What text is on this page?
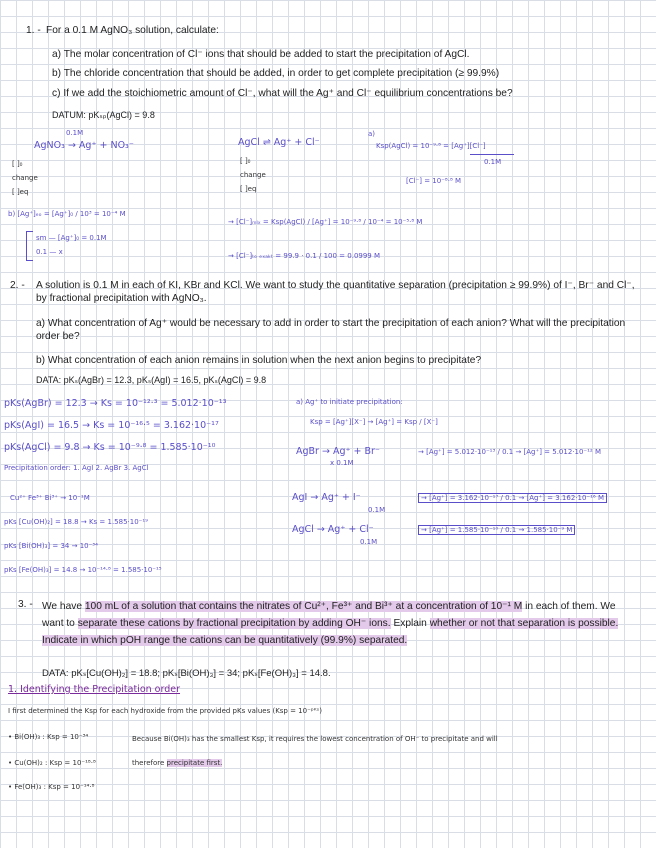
1. - For a 0.1 M AgNO₃ solution, calculate:
a) The molar concentration of Cl⁻ ions that should be added to start the precipitation of AgCl.
b) The chloride concentration that should be added, in order to get complete precipitation (≥ 99.9%)
c) If we add the stoichiometric amount of Cl⁻, what will the Ag⁺ and Cl⁻ equilibrium concentrations be?
DATUM: pKₛₚ(AgCl) = 9.8
0.1M
AgNO₃ → Ag⁺ + NO₃⁻
[ ]₀
change
[ ]eq
b) [Ag⁺]ₑₒ = [Ag⁺]₀ / 10³ = 10⁻⁴ M
sm — [Ag⁺]₀ = 0.1M
0.1 — x
AgCl ⇌ Ag⁺ + Cl⁻
[ ]₀
change
[ ]eq
a)
Ksp(AgCl) = 10⁻⁹·⁸ = [Ag⁺][Cl⁻]
0.1M
[Cl⁻] = 10⁻⁸·⁸ M
→ [Cl⁻]ₘₗₓ = Ksp(AgCl) / [Ag⁺] = 10⁻⁹·⁸ / 10⁻⁴ = 10⁻⁵·⁸ M
→ [Cl⁻]ₜₒ ₑₓₐₖₜ = 99.9 · 0.1 / 100 = 0.0999 M
2. - A solution is 0.1 M in each of KI, KBr and KCl. We want to study the quantitative separation (precipitation ≥ 99.9%) of I⁻, Br⁻ and Cl⁻, by fractional precipitation with AgNO₃.
a) What concentration of Ag⁺ would be necessary to add in order to start the precipitation of each anion? What will the precipitation order be?
b) What concentration of each anion remains in solution when the next anion begins to precipitate?
DATA: pKₛ(AgBr) = 12.3, pKₛ(AgI) = 16.5, pKₛ(AgCl) = 9.8
pKs(AgBr) = 12.3 → Ks = 10⁻¹²·³ = 5.012·10⁻¹³
pKs(AgI) = 16.5 → Ks = 10⁻¹⁶·⁵ = 3.162·10⁻¹⁷
pKs(AgCl) = 9.8 → Ks = 10⁻⁹·⁸ = 1.585·10⁻¹⁰
Precipitation order: 1. AgI 2. AgBr 3. AgCl
Cu²⁺ Fe³⁺ Bi³⁺ → 10⁻¹M
pKs [Cu(OH)₂] = 18.8 → Ks = 1.585·10⁻¹⁹
pKs [Bi(OH)₃] = 34 → 10⁻³⁴
pKs [Fe(OH)₃] = 14.8 → 10⁻¹⁴·⁸ = 1.585·10⁻¹⁵
a) Ag⁺ to initiate precipitation:
Ksp = [Ag⁺][X⁻] → [Ag⁺] = Ksp / [X⁻]
AgBr → Ag⁺ + Br⁻
x 0.1M
→ [Ag⁺] = 5.012·10⁻¹³ / 0.1 → [Ag⁺] = 5.012·10⁻¹² M
AgI → Ag⁺ + I⁻
0.1M
→ [Ag⁺] = 3.162·10⁻¹⁷ / 0.1 → [Ag⁺] = 3.162·10⁻¹⁶ M
AgCl → Ag⁺ + Cl⁻
0.1M
→ [Ag⁺] = 1.585·10⁻¹⁰ / 0.1 → 1.585·10⁻⁹ M
3. - We have 100 mL of a solution that contains the nitrates of Cu²⁺, Fe³⁺ and Bi³⁺ at a concentration of 10⁻¹ M in each of them. We want to separate these cations by fractional precipitation by adding OH⁻ ions. Explain whether or not that separation is possible. Indicate in which pOH range the cations can be quantitatively (99.9%) separated.
DATA: pKₛ[Cu(OH)₂] = 18.8; pKₛ[Bi(OH)₃] = 34; pKₛ[Fe(OH)₃] = 14.8.
1. Identifying the Precipitation order
I first determined the Ksp for each hydroxide from the provided pKs values (Ksp = 10⁻ᵖᴷˢ)
• Bi(OH)₃ : Ksp = 10⁻³⁴	Because Bi(OH)₃ has the smallest Ksp, it requires the lowest concentration of OH⁻ to precipitate and will
• Cu(OH)₂ : Ksp = 10⁻¹⁸·⁸	therefore precipitate first.
• Fe(OH)₃ : Ksp = 10⁻¹⁴·⁸
